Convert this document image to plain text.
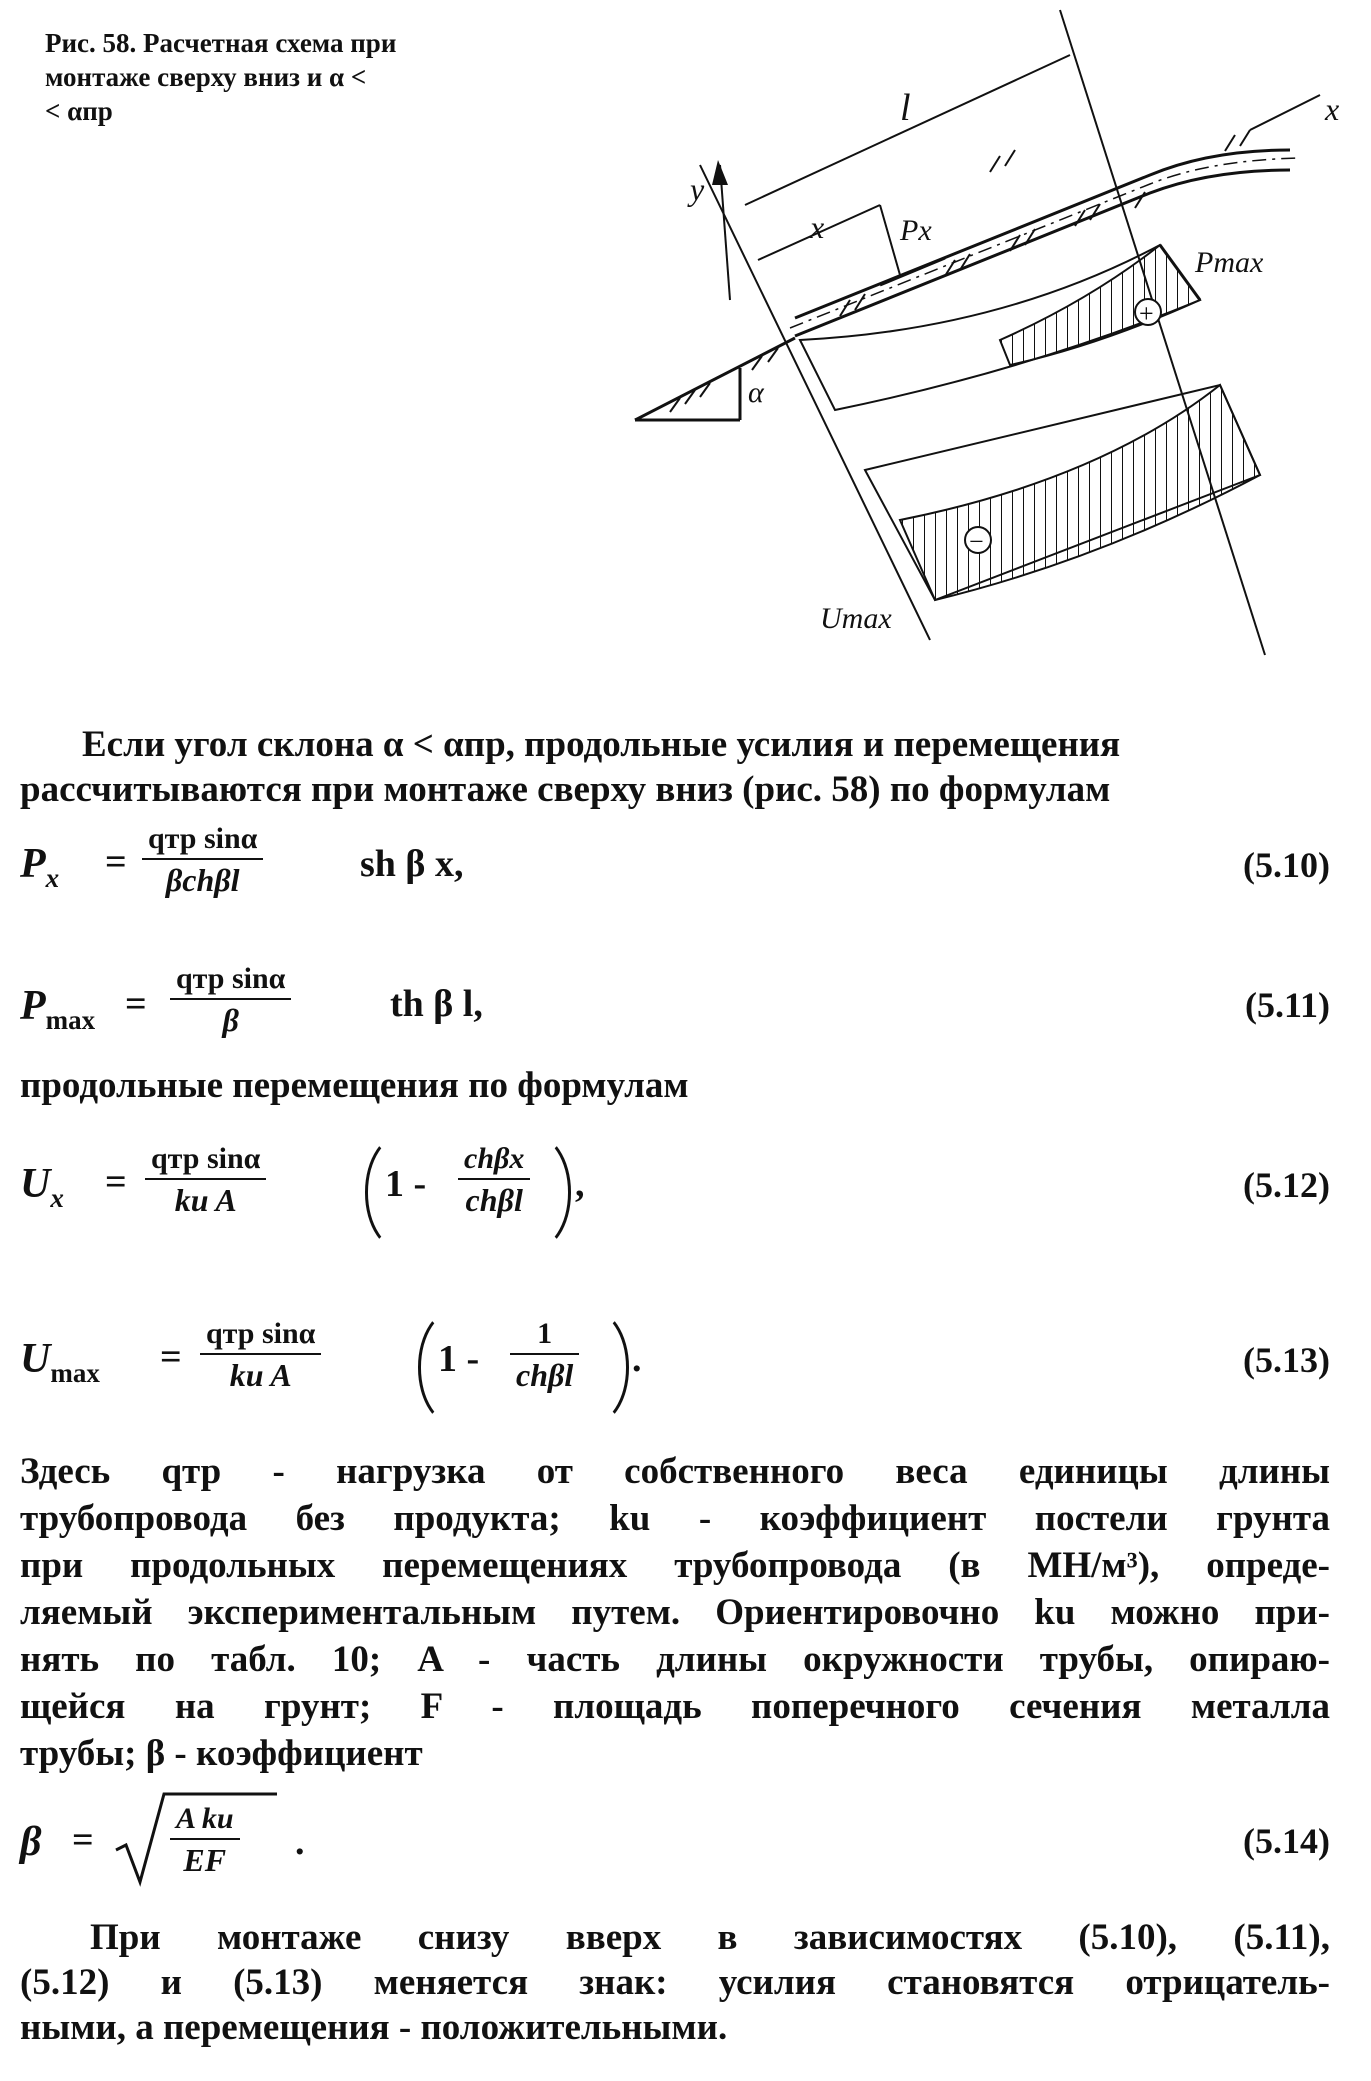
Рис. 58. Расчетная схема при
монтаже сверху вниз и α <
< αпр
α
x
y
l
x	Px
Pmax
+
−
Umax
Если угол склона α < αпр, продольные усилия и перемещения
рассчитываются при монтаже сверху вниз (рис. 58) по формулам
$P_x$ =
qтр sinα
βchβl	sh β x,	(5.10)
$P_{max}$ =
qтр sinα
β	th β l,	(5.11)
продольные перемещения по формулам
$U_x$ =
qтр sinα
ku A	1 -
chβx
chβl ,	(5.12)
$U_{max}$ =
qтр sinα
ku A	1 -
1
chβl .	(5.13)
Здесь qтр - нагрузка от собственного веса единицы длины
трубопровода без продукта; ku - коэффициент постели грунта
при продольных перемещениях трубопровода (в МН/м³), опреде-
ляемый экспериментальным путем. Ориентировочно ku можно при-
нять по табл. 10; A - часть длины окружности трубы, опираю-
щейся на грунт; F - площадь поперечного сечения металла
трубы; β - коэффициент
β =
A ku
EF .	(5.14)
При монтаже снизу вверх в зависимостях (5.10), (5.11),
(5.12) и (5.13) меняется знак: усилия становятся отрицатель-
ными, а перемещения - положительными.
